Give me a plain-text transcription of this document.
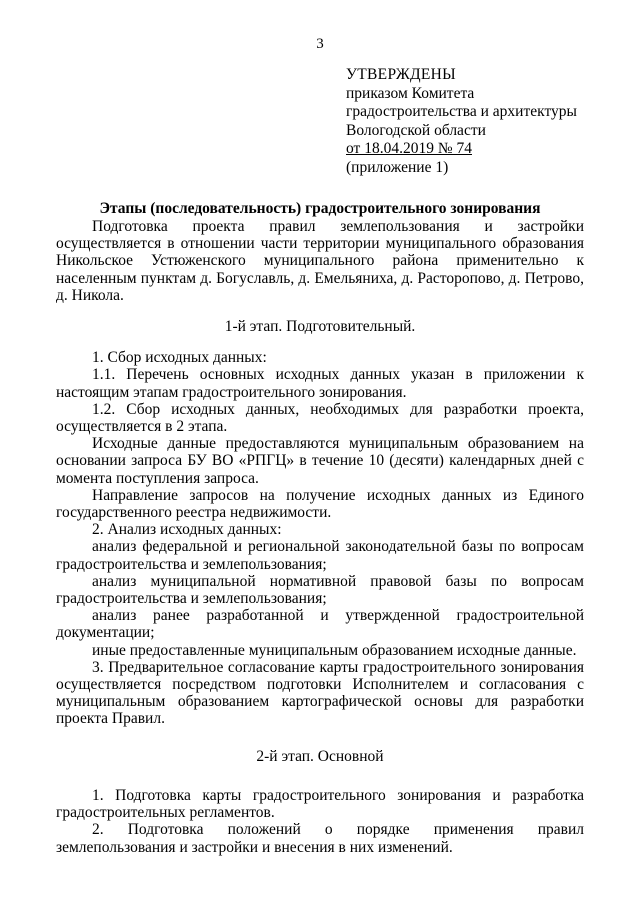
3
УТВЕРЖДЕНЫ
приказом Комитета
градостроительства и архитектуры
Вологодской области
от 18.04.2019 № 74
(приложение 1)
Этапы (последовательность) градостроительного зонирования

Подготовка проекта правил землепользования и застройки осуществляется в отношении части территории муниципального образования Никольское Устюженского муниципального района применительно к населенным пунктам д. Богуславль, д. Емельяниха, д. Расторопово, д. Петрово, д. Никола.

1-й этап. Подготовительный.

1. Сбор исходных данных:

1.1. Перечень основных исходных данных указан в приложении к настоящим этапам градостроительного зонирования.

1.2. Сбор исходных данных, необходимых для разработки проекта, осуществляется в 2 этапа.

Исходные данные предоставляются муниципальным образованием на основании запроса БУ ВО «РПГЦ» в течение 10 (десяти) календарных дней с момента поступления запроса.

Направление запросов на получение исходных данных из Единого государственного реестра недвижимости.

2. Анализ исходных данных:

анализ федеральной и региональной законодательной базы по вопросам градостроительства и землепользования;

анализ муниципальной нормативной правовой базы по вопросам градостроительства и землепользования;

анализ ранее разработанной и утвержденной градостроительной документации;

иные предоставленные муниципальным образованием исходные данные.

3. Предварительное согласование карты градостроительного зонирования осуществляется посредством подготовки Исполнителем и согласования с муниципальным образованием картографической основы для разработки проекта Правил.

2-й этап. Основной

1. Подготовка карты градостроительного зонирования и разработка градостроительных регламентов.

2. Подготовка положений о порядке применения правил землепользования и застройки и внесения в них изменений.
